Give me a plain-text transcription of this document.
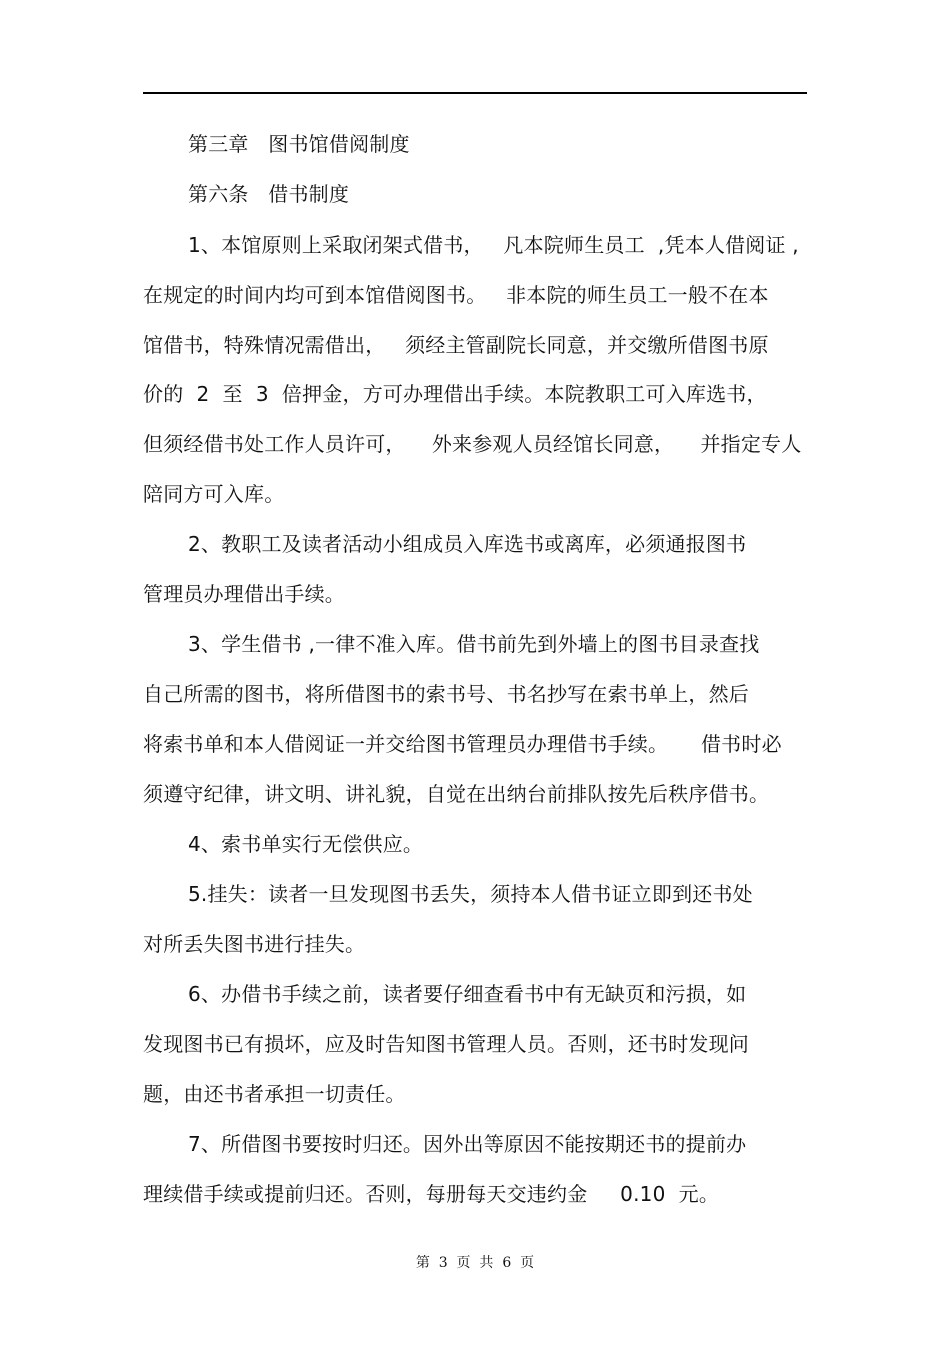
第三章   图书馆借阅制度
第六条   借书制度
1、本馆原则上采取闭架式借书，   凡本院师生员工  ,凭本人借阅证 ,
在规定的时间内均可到本馆借阅图书。   非本院的师生员工一般不在本
馆借书，特殊情况需借出，   须经主管副院长同意，并交缴所借图书原
价的  2  至  3  倍押金，方可办理借出手续。本院教职工可入库选书，
但须经借书处工作人员许可，    外来参观人员经馆长同意，    并指定专人
陪同方可入库。
2、教职工及读者活动小组成员入库选书或离库，必须通报图书
管理员办理借出手续。
3、学生借书 ,一律不准入库。借书前先到外墙上的图书目录查找
自己所需的图书，将所借图书的索书号、书名抄写在索书单上，然后
将索书单和本人借阅证一并交给图书管理员办理借书手续。     借书时必
须遵守纪律，讲文明、讲礼貌，自觉在出纳台前排队按先后秩序借书。
4、索书单实行无偿供应。
5.挂失：读者一旦发现图书丢失，须持本人借书证立即到还书处
对所丢失图书进行挂失。
6、办借书手续之前，读者要仔细查看书中有无缺页和污损，如
发现图书已有损坏，应及时告知图书管理人员。否则，还书时发现问
题，由还书者承担一切责任。
7、所借图书要按时归还。因外出等原因不能按期还书的提前办
理续借手续或提前归还。否则，每册每天交违约金     0.10  元。
第  3  页  共  6  页
